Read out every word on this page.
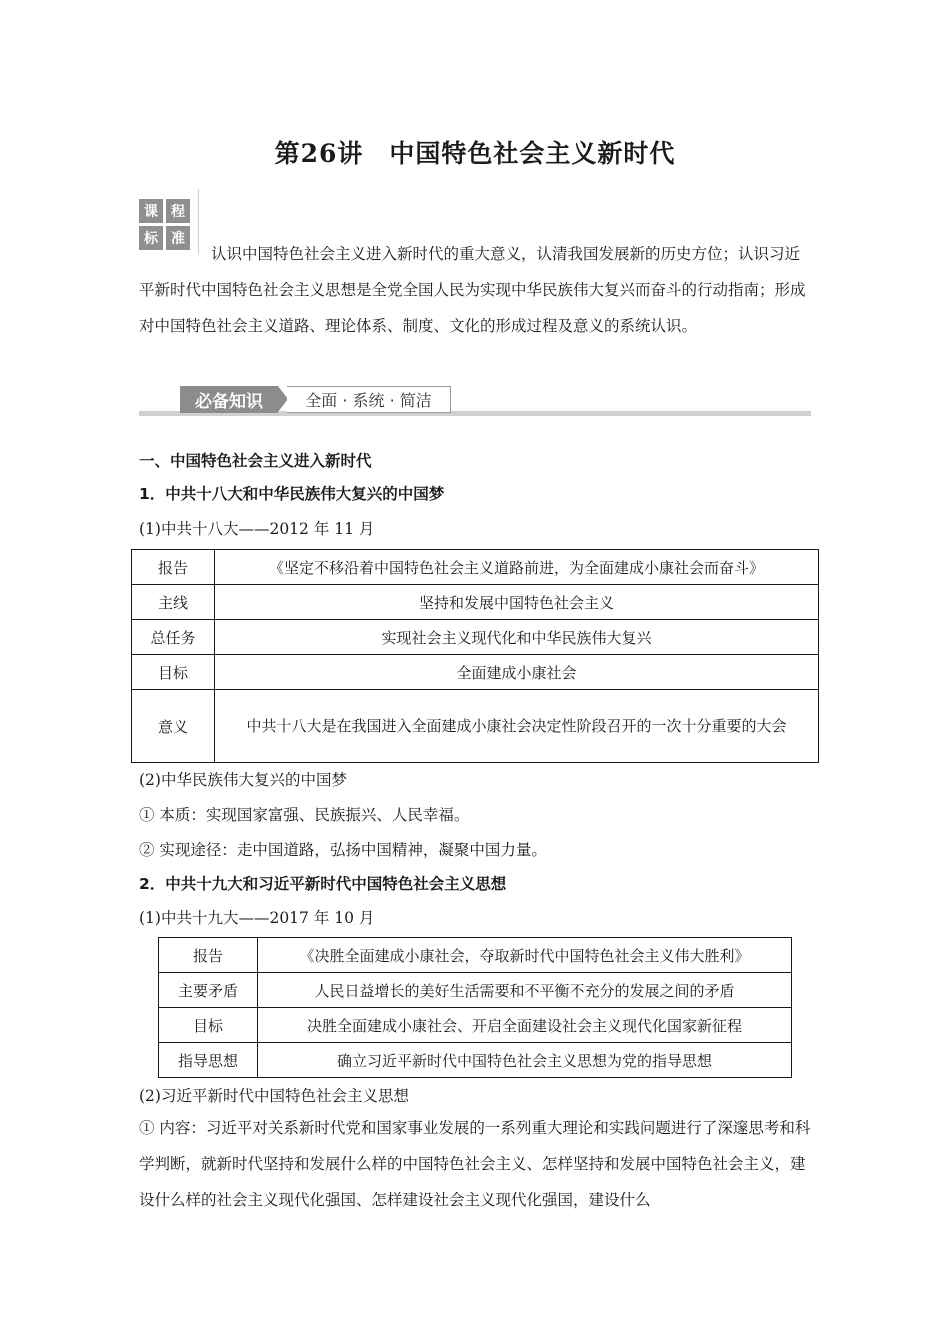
第26讲　中国特色社会主义新时代
课 程
标 准
认识中国特色社会主义进入新时代的重大意义，认清我国发展新的历史方位；认识习近平新时代中国特色社会主义思想是全党全国人民为实现中华民族伟大复兴而奋斗的行动指南；形成对中国特色社会主义道路、理论体系、制度、文化的形成过程及意义的系统认识。
必备知识	全面 · 系统 · 简洁
一、中国特色社会主义进入新时代
1．中共十八大和中华民族伟大复兴的中国梦
(1)中共十八大——2012 年 11 月
报告	《坚定不移沿着中国特色社会主义道路前进，为全面建成小康社会而奋斗》
主线	坚持和发展中国特色社会主义
总任务	实现社会主义现代化和中华民族伟大复兴
目标	全面建成小康社会
意义	中共十八大是在我国进入全面建成小康社会决定性阶段召开的一次十分重要的大会
(2)中华民族伟大复兴的中国梦
① 本质：实现国家富强、民族振兴、人民幸福。
② 实现途径：走中国道路，弘扬中国精神，凝聚中国力量。
2．中共十九大和习近平新时代中国特色社会主义思想
(1)中共十九大——2017 年 10 月
报告	《决胜全面建成小康社会，夺取新时代中国特色社会主义伟大胜利》
主要矛盾	人民日益增长的美好生活需要和不平衡不充分的发展之间的矛盾
目标	决胜全面建成小康社会、开启全面建设社会主义现代化国家新征程
指导思想	确立习近平新时代中国特色社会主义思想为党的指导思想
(2)习近平新时代中国特色社会主义思想
① 内容：习近平对关系新时代党和国家事业发展的一系列重大理论和实践问题进行了深邃思考和科学判断，就新时代坚持和发展什么样的中国特色社会主义、怎样坚持和发展中国特色社会主义，建设什么样的社会主义现代化强国、怎样建设社会主义现代化强国，建设什么
